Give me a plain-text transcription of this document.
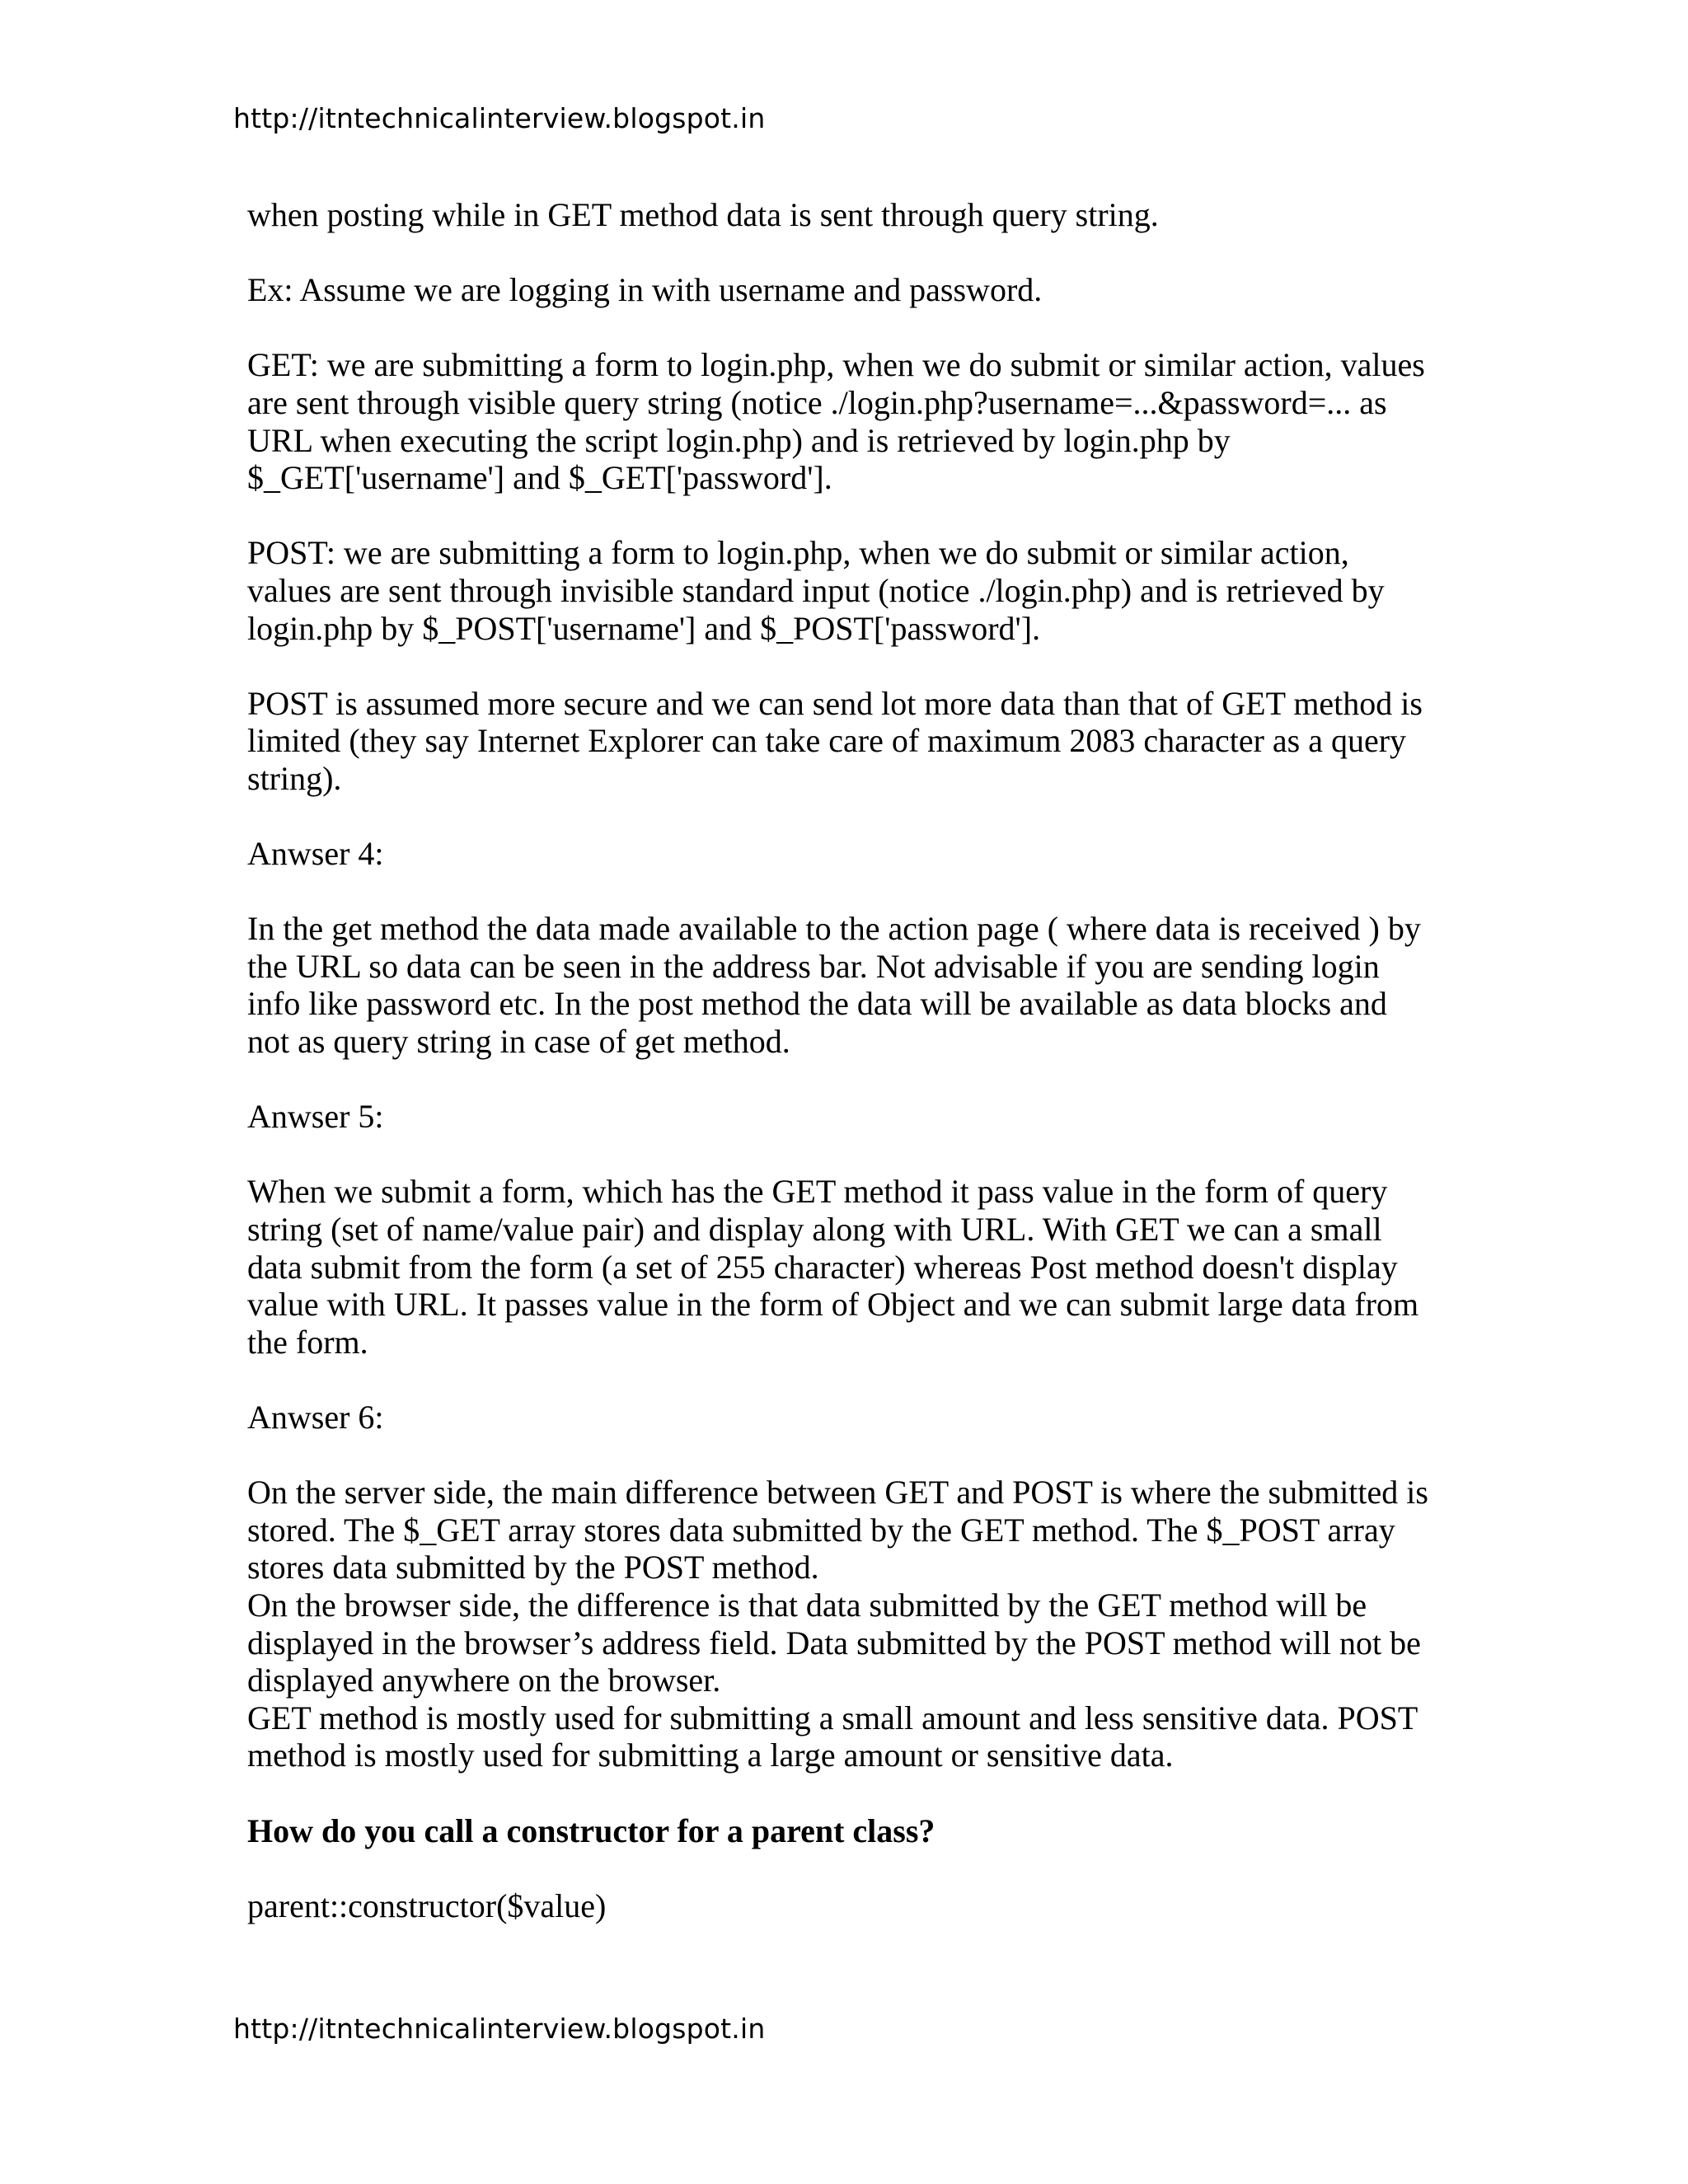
http://itntechnicalinterview.blogspot.in

when posting while in GET method data is sent through query string.

Ex: Assume we are logging in with username and password.

GET: we are submitting a form to login.php, when we do submit or similar action, values
are sent through visible query string (notice ./login.php?username=...&password=... as
URL when executing the script login.php) and is retrieved by login.php by
$_GET['username'] and $_GET['password'].

POST: we are submitting a form to login.php, when we do submit or similar action,
values are sent through invisible standard input (notice ./login.php) and is retrieved by
login.php by $_POST['username'] and $_POST['password'].

POST is assumed more secure and we can send lot more data than that of GET method is
limited (they say Internet Explorer can take care of maximum 2083 character as a query
string).

Anwser 4:

In the get method the data made available to the action page ( where data is received ) by
the URL so data can be seen in the address bar. Not advisable if you are sending login
info like password etc. In the post method the data will be available as data blocks and
not as query string in case of get method.

Anwser 5:

When we submit a form, which has the GET method it pass value in the form of query
string (set of name/value pair) and display along with URL. With GET we can a small
data submit from the form (a set of 255 character) whereas Post method doesn't display
value with URL. It passes value in the form of Object and we can submit large data from
the form.

Anwser 6:

On the server side, the main difference between GET and POST is where the submitted is
stored. The $_GET array stores data submitted by the GET method. The $_POST array
stores data submitted by the POST method.
On the browser side, the difference is that data submitted by the GET method will be
displayed in the browser’s address field. Data submitted by the POST method will not be
displayed anywhere on the browser.
GET method is mostly used for submitting a small amount and less sensitive data. POST
method is mostly used for submitting a large amount or sensitive data.

How do you call a constructor for a parent class?

parent::constructor($value)

http://itntechnicalinterview.blogspot.in
